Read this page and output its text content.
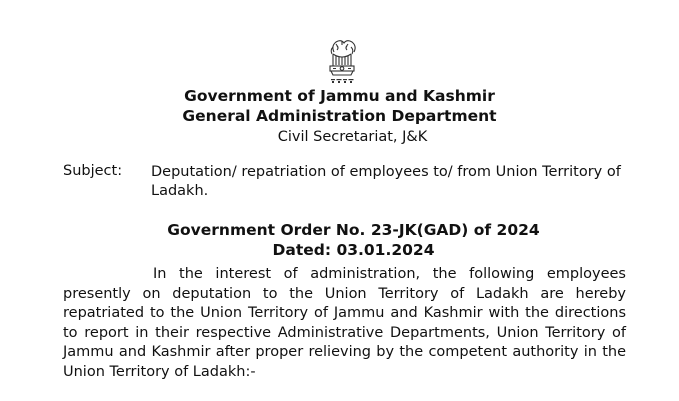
Government of Jammu and Kashmir
General Administration Department
Civil Secretariat, J&K
Subject: Deputation/ repatriation of employees to/ from Union Territory of Ladakh.
Government Order No. 23-JK(GAD) of 2024
Dated: 03.01.2024
In the interest of administration, the following employees presently on deputation to the Union Territory of Ladakh are hereby repatriated to the Union Territory of Jammu and Kashmir with the directions to report in their respective Administrative Departments, Union Territory of Jammu and Kashmir after proper relieving by the competent authority in the Union Territory of Ladakh:-
